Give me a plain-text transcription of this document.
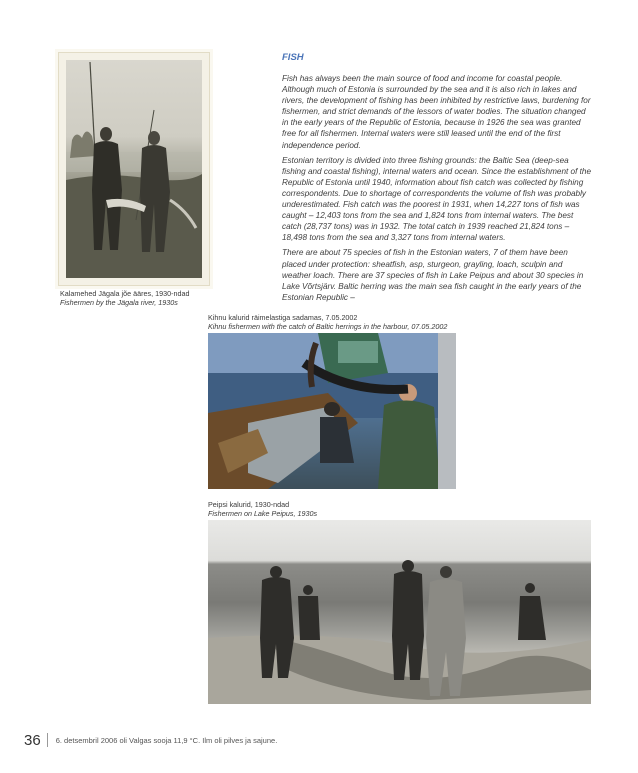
Kalamehed Jägala jõe ääres, 1930-ndad
Fishermen by the Jägala river, 1930s
FISH

Fish has always been the main source of food and income for coastal people. Although much of Estonia is surrounded by the sea and it is also rich in lakes and rivers, the development of fishing has been inhibited by restrictive laws, burdening for fishermen, and strict demands of the lessors of water bodies. The situation changed in the early years of the Republic of Estonia, because in 1926 the sea was granted free for all fishermen. Internal waters were still leased until the end of the first independence period.

Estonian territory is divided into three fishing grounds: the Baltic Sea (deep-sea fishing and coastal fishing), internal waters and ocean. Since the establishment of the Republic of Estonia until 1940, information about fish catch was collected by fishing correspondents. Due to shortage of correspondents the volume of fish was probably underestimated. Fish catch was the poorest in 1931, when 14,227 tons of fish was caught – 12,403 tons from the sea and 1,824 tons from internal waters. The best catch (28,737 tons) was in 1932. The total catch in 1939 reached 21,824 tons – 18,498 tons from the sea and 3,327 tons from internal waters.

There are about 75 species of fish in the Estonian waters, 7 of them have been placed under protection: sheatfish, asp, sturgeon, grayling, loach, sculpin and weather loach. There are 37 species of fish in Lake Peipus and about 30 species in Lake Võrtsjärv. Baltic herring was the main sea fish caught in the early years of the Estonian Republic –

Kihnu kalurid räimelastiga sadamas, 7.05.2002
Kihnu fishermen with the catch of Baltic herrings in the harbour, 07.05.2002
Peipsi kalurid, 1930-ndad
Fishermen on Lake Peipus, 1930s
36 6. detsembril 2006 oli Valgas sooja 11,9 °C. Ilm oli pilves ja sajune.
